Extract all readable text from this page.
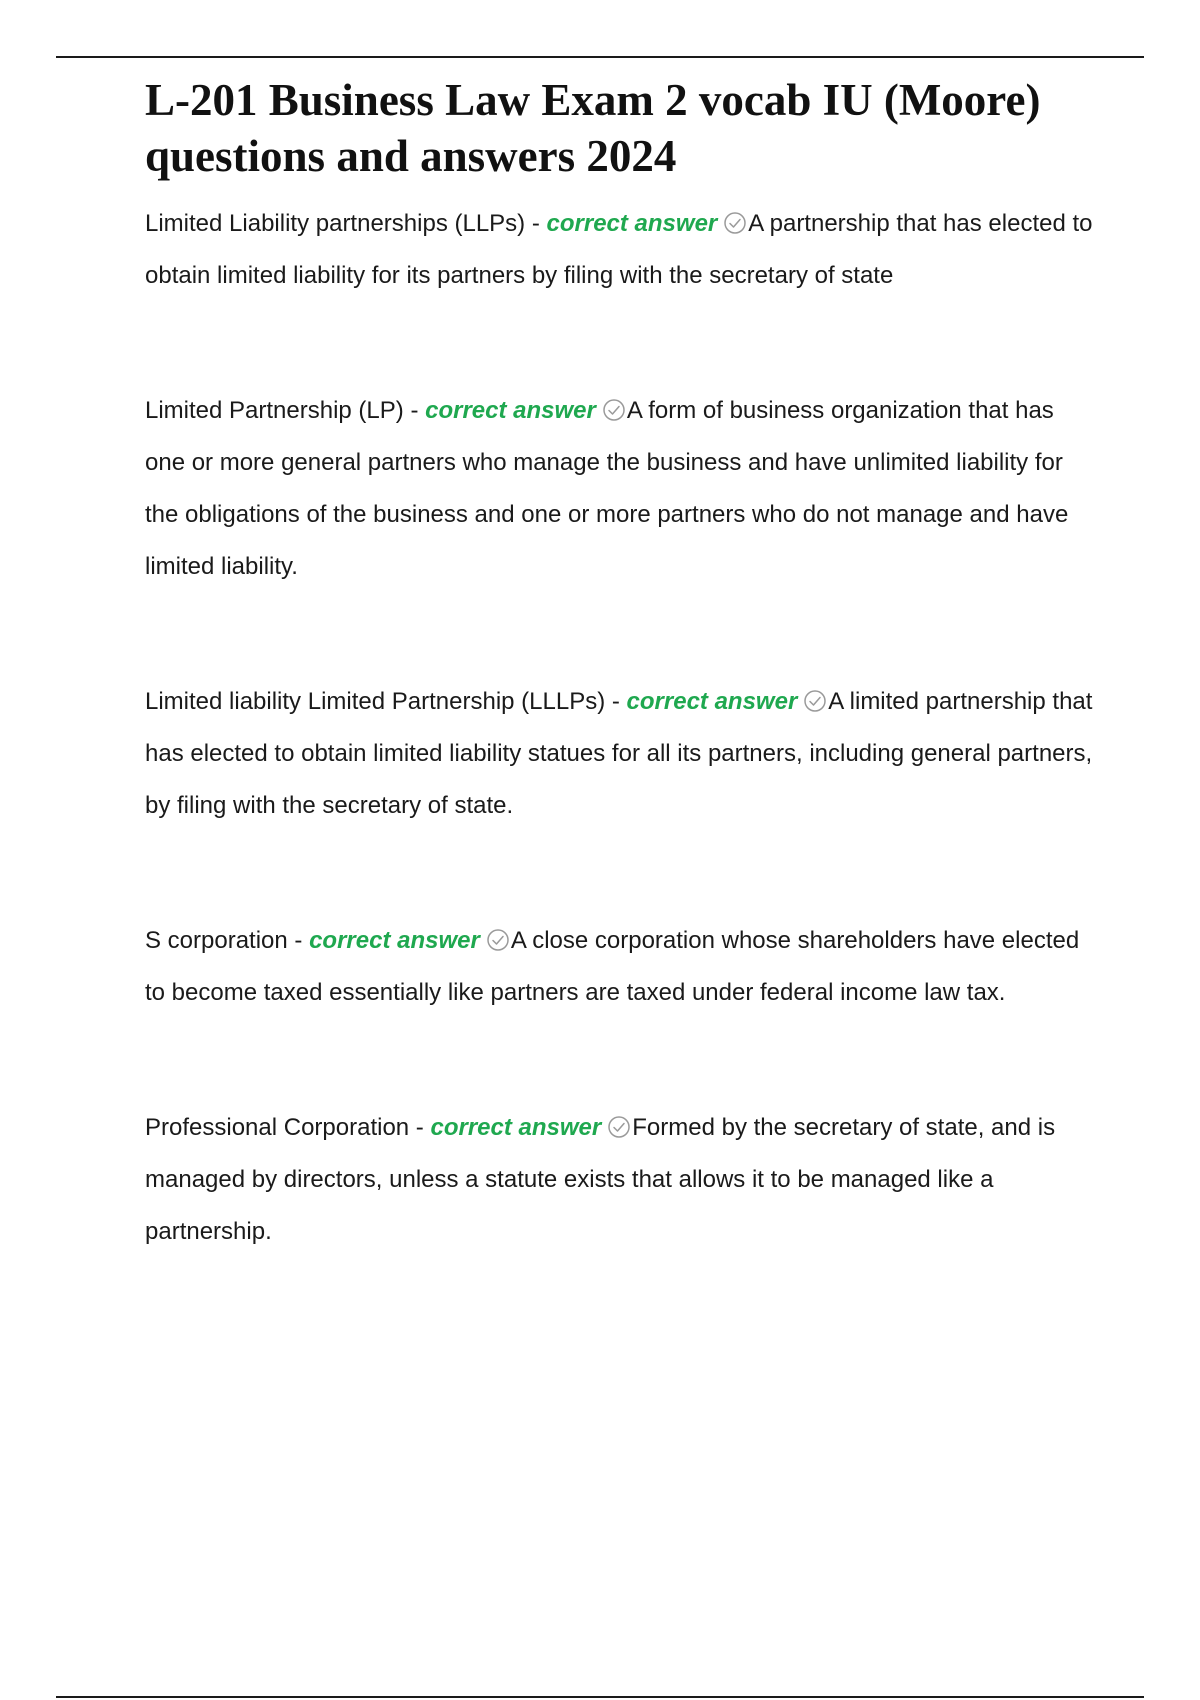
L-201 Business Law Exam 2 vocab IU (Moore) questions and answers 2024

Limited Liability partnerships (LLPs) - correct answer A partnership that has elected to obtain limited liability for its partners by filing with the secretary of state

Limited Partnership (LP) - correct answer A form of business organization that has one or more general partners who manage the business and have unlimited liability for the obligations of the business and one or more partners who do not manage and have limited liability.

Limited liability Limited Partnership (LLLPs) - correct answer A limited partnership that has elected to obtain limited liability statues for all its partners, including general partners, by filing with the secretary of state.

S corporation - correct answer A close corporation whose shareholders have elected to become taxed essentially like partners are taxed under federal income law tax.

Professional Corporation - correct answer Formed by the secretary of state, and is managed by directors, unless a statute exists that allows it to be managed like a partnership.
